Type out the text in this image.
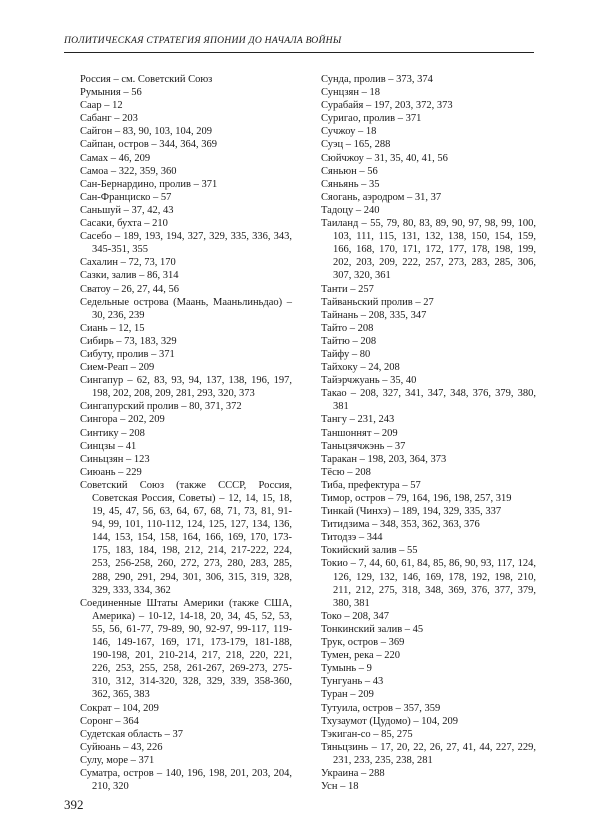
ПОЛИТИЧЕСКАЯ СТРАТЕГИЯ ЯПОНИИ ДО НАЧАЛА ВОЙНЫ

Россия – см. Советский Союз

Румыния – 56

Саар – 12

Сабанг – 203

Сайгон – 83, 90, 103, 104, 209

Сайпан, остров – 344, 364, 369

Самах – 46, 209

Самоа – 322, 359, 360

Сан-Бернардино, пролив – 371

Сан-Франциско – 57

Саньшуй – 37, 42, 43

Сасаки, бухта – 210

Сасебо – 189, 193, 194, 327, 329, 335, 336, 343, 345-351, 355

Сахалин – 72, 73, 170

Сазки, залив – 86, 314

Сватоу – 26, 27, 44, 56

Седельные острова (Маань, Мааньлиньдао) – 30, 236, 239

Сиань – 12, 15

Сибирь – 73, 183, 329

Сибуту, пролив – 371

Сием-Реап – 209

Сингапур – 62, 83, 93, 94, 137, 138, 196, 197, 198, 202, 208, 209, 281, 293, 320, 373

Сингапурский пролив – 80, 371, 372

Сингора – 202, 209

Синтику – 208

Синцзы – 41

Синьцзян – 123

Сиюань – 229

Советский Союз (также СССР, Россия, Советская Россия, Советы) – 12, 14, 15, 18, 19, 45, 47, 56, 63, 64, 67, 68, 71, 73, 81, 91-94, 99, 101, 110-112, 124, 125, 127, 134, 136, 144, 153, 154, 158, 164, 166, 169, 170, 173-175, 183, 184, 198, 212, 214, 217-222, 224, 253, 256-258, 260, 272, 273, 280, 283, 285, 288, 290, 291, 294, 301, 306, 315, 319, 328, 329, 333, 334, 362

Соединенные Штаты Америки (также США, Америка) – 10-12, 14-18, 20, 34, 45, 52, 53, 55, 56, 61-77, 79-89, 90, 92-97, 99-117, 119-146, 149-167, 169, 171, 173-179, 181-188, 190-198, 201, 210-214, 217, 218, 220, 221, 226, 253, 255, 258, 261-267, 269-273, 275-310, 312, 314-320, 328, 329, 339, 358-360, 362, 365, 383

Сократ – 104, 209

Соронг – 364

Судетская область – 37

Суйюань – 43, 226

Сулу, море – 371

Суматра, остров – 140, 196, 198, 201, 203, 204, 210, 320

Сунда, пролив – 373, 374

Сунцзян – 18

Сурабайя – 197, 203, 372, 373

Суригао, пролив – 371

Сучжоу – 18

Суэц – 165, 288

Сюйчжоу – 31, 35, 40, 41, 56

Сяньюн – 56

Сяньянь – 35

Сяогань, аэродром – 31, 37

Тадоцу – 240

Таиланд – 55, 79, 80, 83, 89, 90, 97, 98, 99, 100, 103, 111, 115, 131, 132, 138, 150, 154, 159, 166, 168, 170, 171, 172, 177, 178, 198, 199, 202, 203, 209, 222, 257, 273, 283, 285, 306, 307, 320, 361

Танти – 257

Тайваньский пролив – 27

Тайнань – 208, 335, 347

Тайто – 208

Тайтю – 208

Тайфу – 80

Тайхоку – 24, 208

Тайэрчжуань – 35, 40

Такао – 208, 327, 341, 347, 348, 376, 379, 380, 381

Тангу – 231, 243

Таншоннят – 209

Таньцзячжэнь – 37

Таракан – 198, 203, 364, 373

Тёсю – 208

Тиба, префектура – 57

Тимор, остров – 79, 164, 196, 198, 257, 319

Тинкай (Чинхэ) – 189, 194, 329, 335, 337

Титидзима – 348, 353, 362, 363, 376

Титодзэ – 344

Токийский залив – 55

Токио – 7, 44, 60, 61, 84, 85, 86, 90, 93, 117, 124, 126, 129, 132, 146, 169, 178, 192, 198, 210, 211, 212, 275, 318, 348, 369, 376, 377, 379, 380, 381

Токо – 208, 347

Тонкинский залив – 45

Трук, остров – 369

Тумен, река – 220

Тумынь – 9

Тунгуань – 43

Туран – 209

Тутуила, остров – 357, 359

Тхузаумот (Цудомо) – 104, 209

Тэкиган-со – 85, 275

Тяньцзинь – 17, 20, 22, 26, 27, 41, 44, 227, 229, 231, 233, 235, 238, 281

Украина – 288

Усн – 18

392
